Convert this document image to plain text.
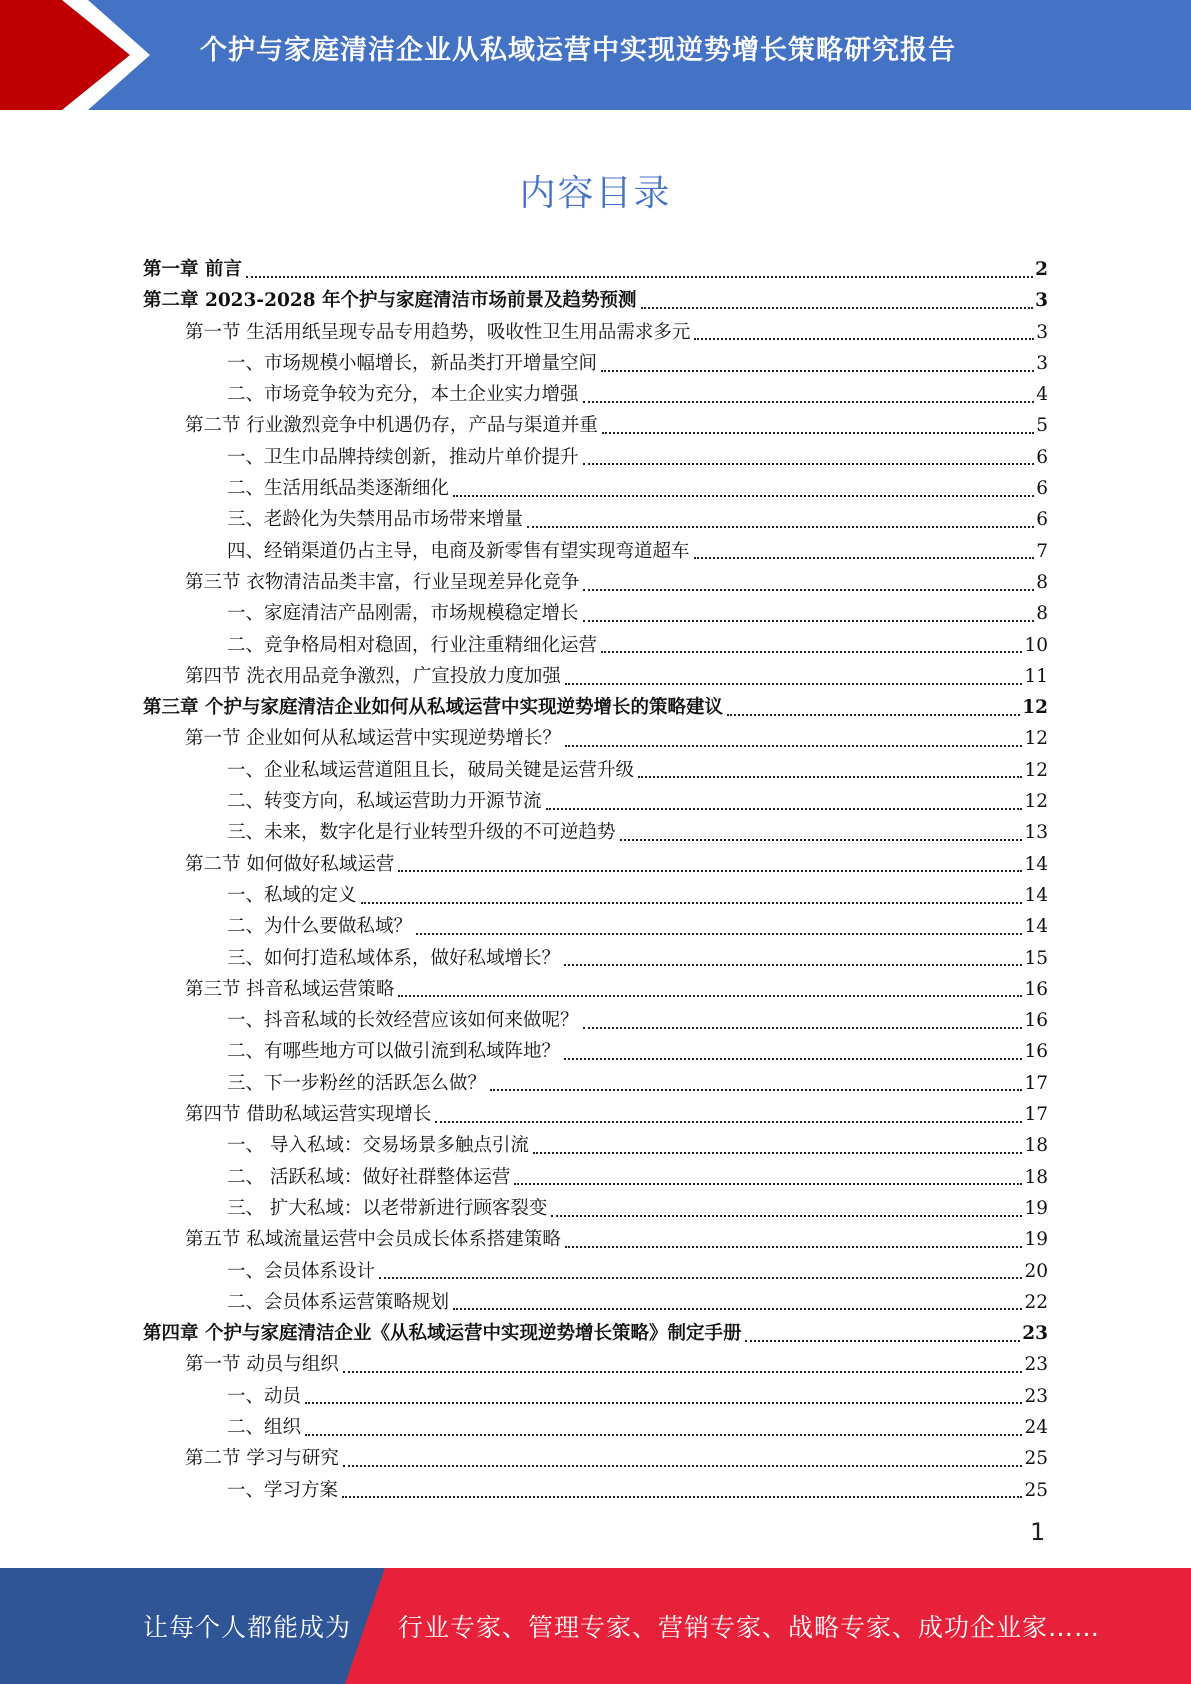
个护与家庭清洁企业从私域运营中实现逆势增长策略研究报告
内容目录
第一章 前言	2
第二章 2023-2028 年个护与家庭清洁市场前景及趋势预测	3
第一节 生活用纸呈现专品专用趋势，吸收性卫生用品需求多元	3
一、市场规模小幅增长，新品类打开增量空间	3
二、市场竞争较为充分，本土企业实力增强	4
第二节 行业激烈竞争中机遇仍存，产品与渠道并重	5
一、卫生巾品牌持续创新，推动片单价提升	6
二、生活用纸品类逐渐细化	6
三、老龄化为失禁用品市场带来增量	6
四、经销渠道仍占主导，电商及新零售有望实现弯道超车	7
第三节 衣物清洁品类丰富，行业呈现差异化竞争	8
一、家庭清洁产品刚需，市场规模稳定增长	8
二、竞争格局相对稳固，行业注重精细化运营	10
第四节 洗衣用品竞争激烈，广宣投放力度加强	11
第三章 个护与家庭清洁企业如何从私域运营中实现逆势增长的策略建议	12
第一节 企业如何从私域运营中实现逆势增长？	12
一、企业私域运营道阻且长，破局关键是运营升级	12
二、转变方向，私域运营助力开源节流	12
三、未来，数字化是行业转型升级的不可逆趋势	13
第二节 如何做好私域运营	14
一、私域的定义	14
二、为什么要做私域？	14
三、如何打造私域体系，做好私域增长？	15
第三节 抖音私域运营策略	16
一、抖音私域的长效经营应该如何来做呢？	16
二、有哪些地方可以做引流到私域阵地？	16
三、下一步粉丝的活跃怎么做？	17
第四节 借助私域运营实现增长	17
一、 导入私域：交易场景多触点引流	18
二、 活跃私域：做好社群整体运营	18
三、 扩大私域：以老带新进行顾客裂变	19
第五节 私域流量运营中会员成长体系搭建策略	19
一、会员体系设计	20
二、会员体系运营策略规划	22
第四章 个护与家庭清洁企业《从私域运营中实现逆势增长策略》制定手册	23
第一节 动员与组织	23
一、动员	23
二、组织	24
第二节 学习与研究	25
一、学习方案	25
1
让每个人都能成为 行业专家、管理专家、营销专家、战略专家、成功企业家……
